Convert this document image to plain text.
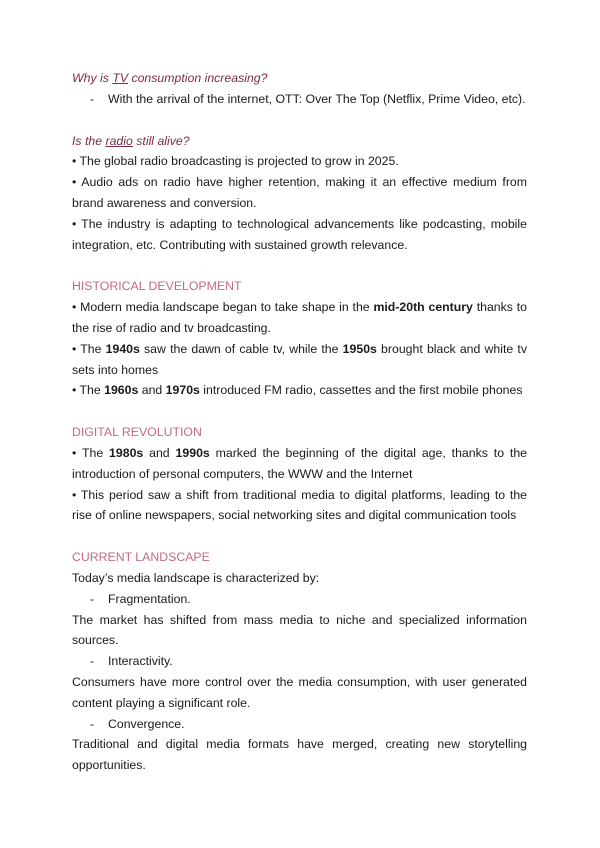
Why is TV consumption increasing?
- With the arrival of the internet, OTT: Over The Top (Netflix, Prime Video, etc).
Is the radio still alive?
• The global radio broadcasting is projected to grow in 2025.
• Audio ads on radio have higher retention, making it an effective medium from brand awareness and conversion.
• The industry is adapting to technological advancements like podcasting, mobile integration, etc. Contributing with sustained growth relevance.
HISTORICAL DEVELOPMENT
• Modern media landscape began to take shape in the mid-20th century thanks to the rise of radio and tv broadcasting.
• The 1940s saw the dawn of cable tv, while the 1950s brought black and white tv sets into homes
• The 1960s and 1970s introduced FM radio, cassettes and the first mobile phones
DIGITAL REVOLUTION
• The 1980s and 1990s marked the beginning of the digital age, thanks to the introduction of personal computers, the WWW and the Internet
• This period saw a shift from traditional media to digital platforms, leading to the rise of online newspapers, social networking sites and digital communication tools
CURRENT LANDSCAPE
Today’s media landscape is characterized by:
- Fragmentation.
The market has shifted from mass media to niche and specialized information sources.
- Interactivity.
Consumers have more control over the media consumption, with user generated content playing a significant role.
- Convergence.
Traditional and digital media formats have merged, creating new storytelling opportunities.
